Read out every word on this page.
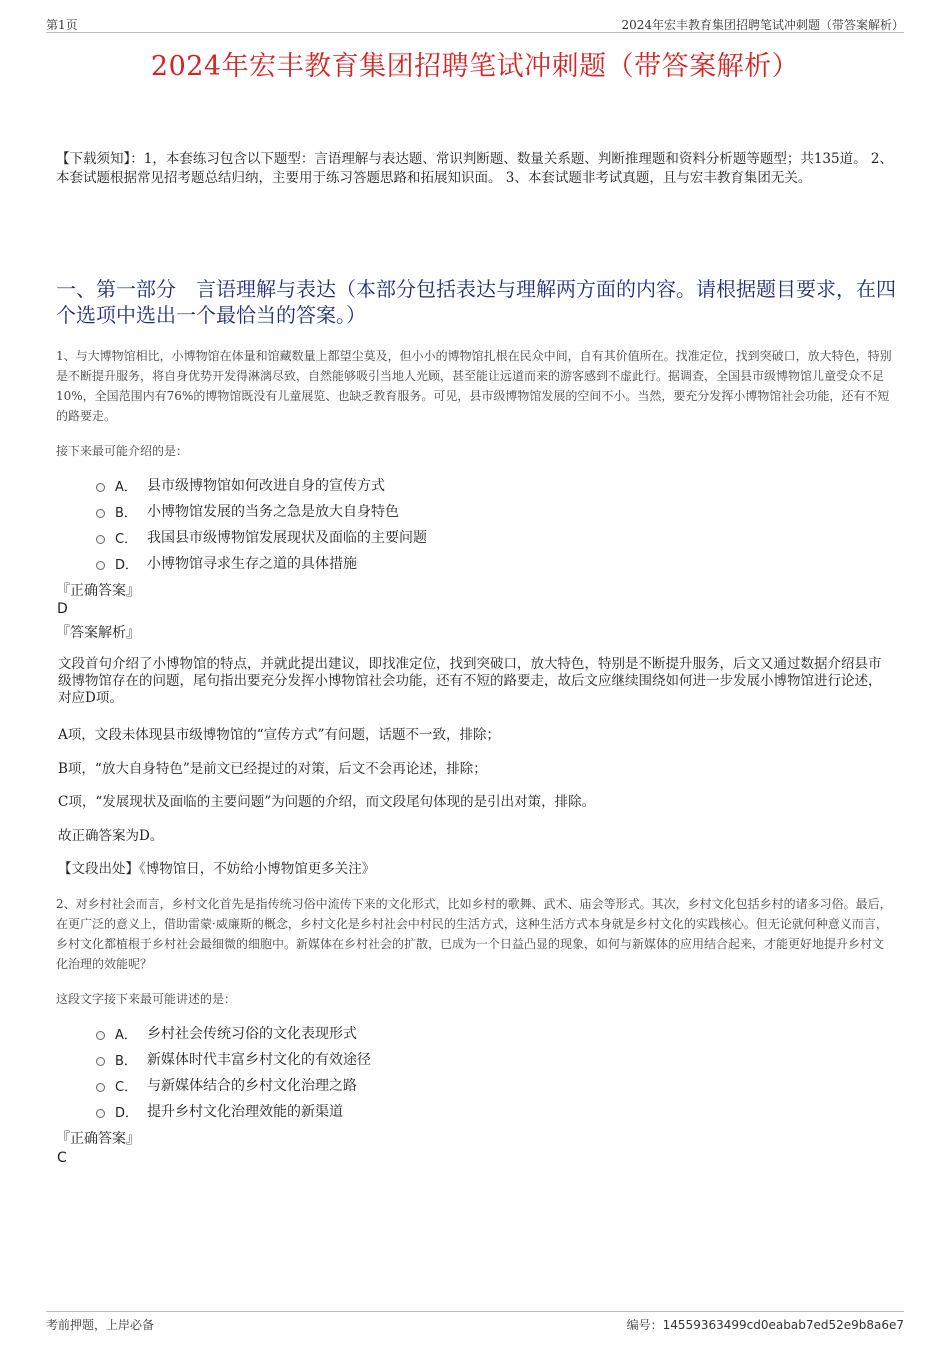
第1页	2024年宏丰教育集团招聘笔试冲刺题（带答案解析）
2024年宏丰教育集团招聘笔试冲刺题（带答案解析）
【下载须知】：1，本套练习包含以下题型：言语理解与表达题、常识判断题、数量关系题、判断推理题和资料分析题等题型；共135道。 2、本套试题根据常见招考题总结归纳，主要用于练习答题思路和拓展知识面。 3、本套试题非考试真题，且与宏丰教育集团无关。
一、第一部分　言语理解与表达（本部分包括表达与理解两方面的内容。请根据题目要求，在四个选项中选出一个最恰当的答案。）
1、与大博物馆相比，小博物馆在体量和馆藏数量上都望尘莫及，但小小的博物馆扎根在民众中间，自有其价值所在。找准定位，找到突破口，放大特色，特别是不断提升服务，将自身优势开发得淋漓尽致，自然能够吸引当地人光顾，甚至能让远道而来的游客感到不虚此行。据调查，全国县市级博物馆儿童受众不足10%，全国范围内有76%的博物馆既没有儿童展览、也缺乏教育服务。可见，县市级博物馆发展的空间不小。当然，要充分发挥小博物馆社会功能，还有不短的路要走。
接下来最可能介绍的是：
A． 县市级博物馆如何改进自身的宣传方式
B． 小博物馆发展的当务之急是放大自身特色
C． 我国县市级博物馆发展现状及面临的主要问题
D． 小博物馆寻求生存之道的具体措施
『正确答案』
D
『答案解析』
文段首句介绍了小博物馆的特点，并就此提出建议，即找准定位，找到突破口，放大特色，特别是不断提升服务，后文又通过数据介绍县市级博物馆存在的问题，尾句指出要充分发挥小博物馆社会功能，还有不短的路要走，故后文应继续围绕如何进一步发展小博物馆进行论述，对应D项。
A项，文段未体现县市级博物馆的“宣传方式”有问题，话题不一致，排除；
B项，“放大自身特色”是前文已经提过的对策，后文不会再论述，排除；
C项，“发展现状及面临的主要问题”为问题的介绍，而文段尾句体现的是引出对策，排除。
故正确答案为D。
【文段出处】《博物馆日，不妨给小博物馆更多关注》
2、对乡村社会而言，乡村文化首先是指传统习俗中流传下来的文化形式，比如乡村的歌舞、武术、庙会等形式。其次，乡村文化包括乡村的诸多习俗。最后，在更广泛的意义上，借助雷蒙·威廉斯的概念，乡村文化是乡村社会中村民的生活方式，这种生活方式本身就是乡村文化的实践核心。但无论就何种意义而言，乡村文化都植根于乡村社会最细微的细胞中。新媒体在乡村社会的扩散，已成为一个日益凸显的现象，如何与新媒体的应用结合起来，才能更好地提升乡村文化治理的效能呢？
这段文字接下来最可能讲述的是：
A． 乡村社会传统习俗的文化表现形式
B． 新媒体时代丰富乡村文化的有效途径
C． 与新媒体结合的乡村文化治理之路
D． 提升乡村文化治理效能的新渠道
『正确答案』
C
考前押题，上岸必备	编号：14559363499cd0eabab7ed52e9b8a6e7
